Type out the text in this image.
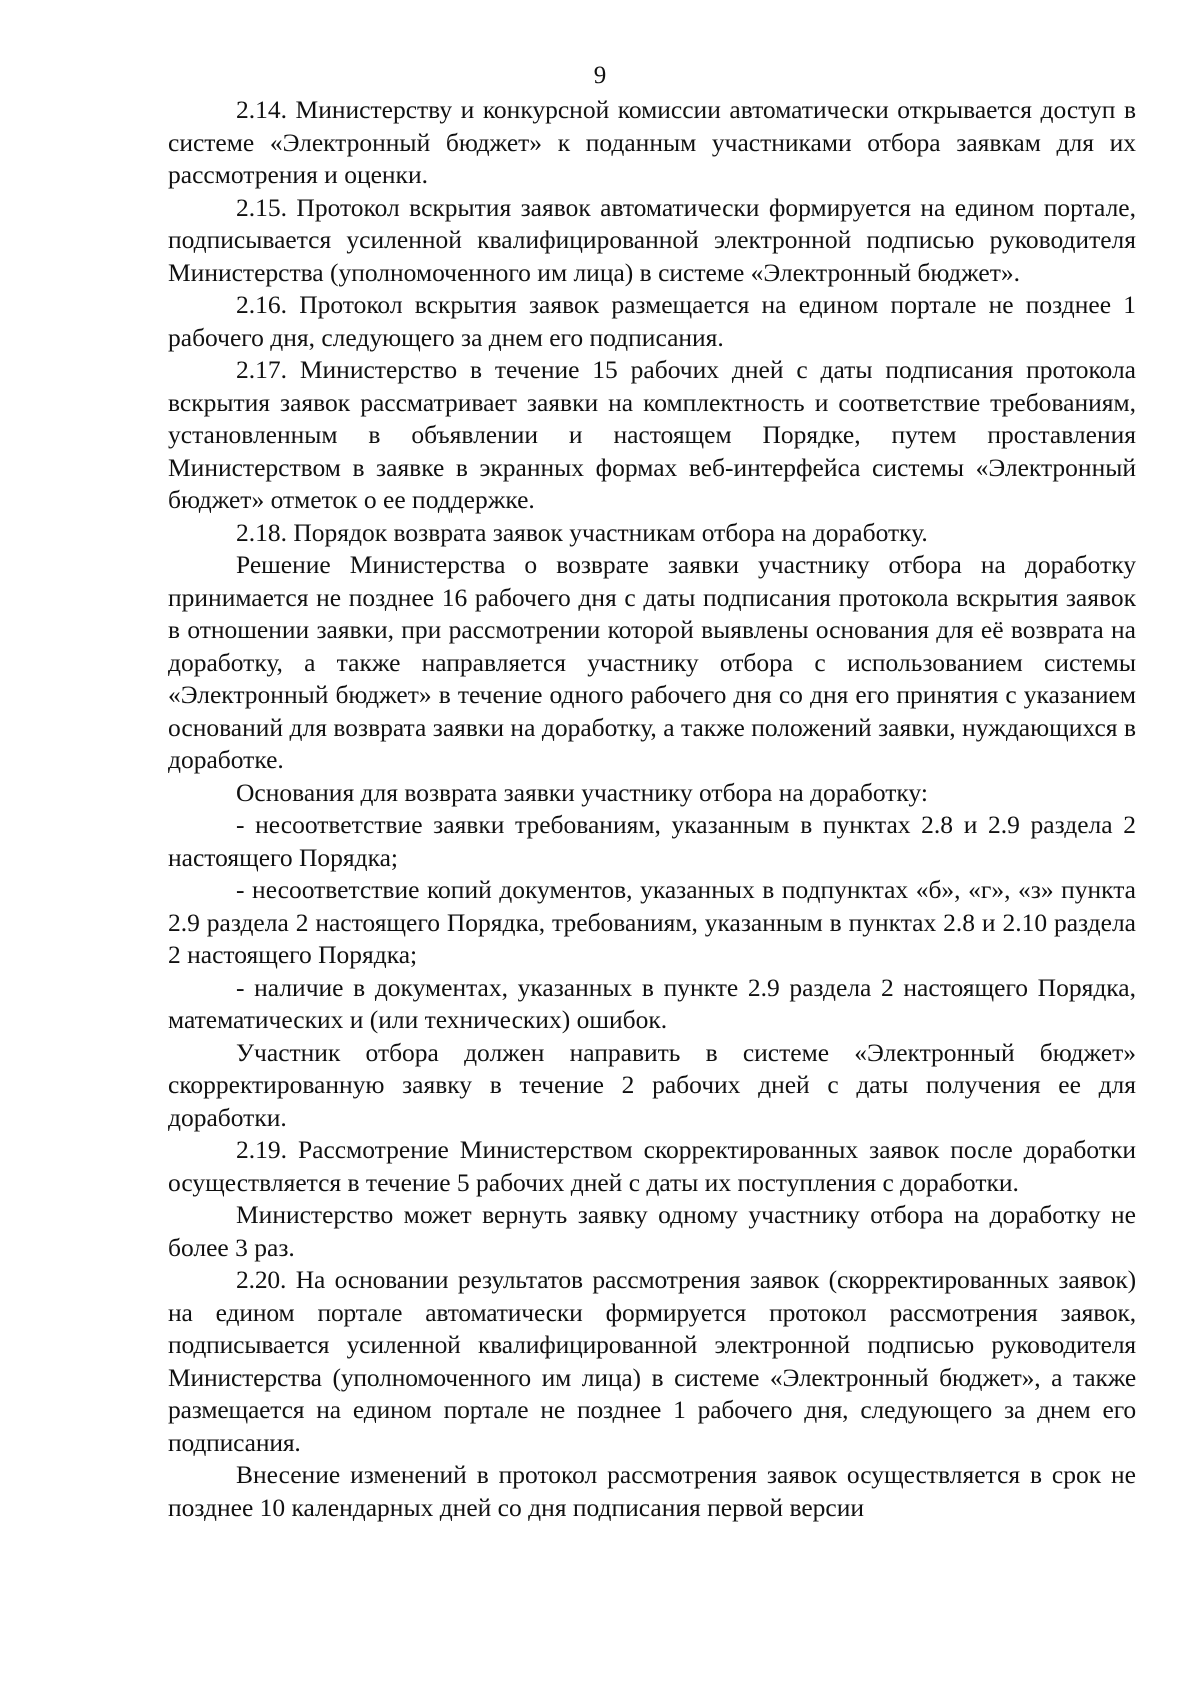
9

2.14. Министерству и конкурсной комиссии автоматически открывается доступ в системе «Электронный бюджет» к поданным участниками отбора заявкам для их рассмотрения и оценки.

2.15. Протокол вскрытия заявок автоматически формируется на едином портале, подписывается усиленной квалифицированной электронной подписью руководителя Министерства (уполномоченного им лица) в системе «Электронный бюджет».

2.16. Протокол вскрытия заявок размещается на едином портале не позднее 1 рабочего дня, следующего за днем его подписания.

2.17. Министерство в течение 15 рабочих дней с даты подписания протокола вскрытия заявок рассматривает заявки на комплектность и соответствие требованиям, установленным в объявлении и настоящем Порядке, путем проставления Министерством в заявке в экранных формах веб-интерфейса системы «Электронный бюджет» отметок о ее поддержке.

2.18. Порядок возврата заявок участникам отбора на доработку.

Решение Министерства о возврате заявки участнику отбора на доработку принимается не позднее 16 рабочего дня с даты подписания протокола вскрытия заявок в отношении заявки, при рассмотрении которой выявлены основания для её возврата на доработку, а также направляется участнику отбора с использованием системы «Электронный бюджет» в течение одного рабочего дня со дня его принятия с указанием оснований для возврата заявки на доработку, а также положений заявки, нуждающихся в доработке.

Основания для возврата заявки участнику отбора на доработку:

- несоответствие заявки требованиям, указанным в пунктах 2.8 и 2.9 раздела 2 настоящего Порядка;

- несоответствие копий документов, указанных в подпунктах «б», «г», «з» пункта 2.9 раздела 2 настоящего Порядка, требованиям, указанным в пунктах 2.8 и 2.10 раздела 2 настоящего Порядка;

- наличие в документах, указанных в пункте 2.9 раздела 2 настоящего Порядка, математических и (или технических) ошибок.

Участник отбора должен направить в системе «Электронный бюджет» скорректированную заявку в течение 2 рабочих дней с даты получения ее для доработки.

2.19. Рассмотрение Министерством скорректированных заявок после доработки осуществляется в течение 5 рабочих дней с даты их поступления с доработки.

Министерство может вернуть заявку одному участнику отбора на доработку не более 3 раз.

2.20. На основании результатов рассмотрения заявок (скорректированных заявок) на едином портале автоматически формируется протокол рассмотрения заявок, подписывается усиленной квалифицированной электронной подписью руководителя Министерства (уполномоченного им лица) в системе «Электронный бюджет», а также размещается на едином портале не позднее 1 рабочего дня, следующего за днем его подписания.

Внесение изменений в протокол рассмотрения заявок осуществляется в срок не позднее 10 календарных дней со дня подписания первой версии
